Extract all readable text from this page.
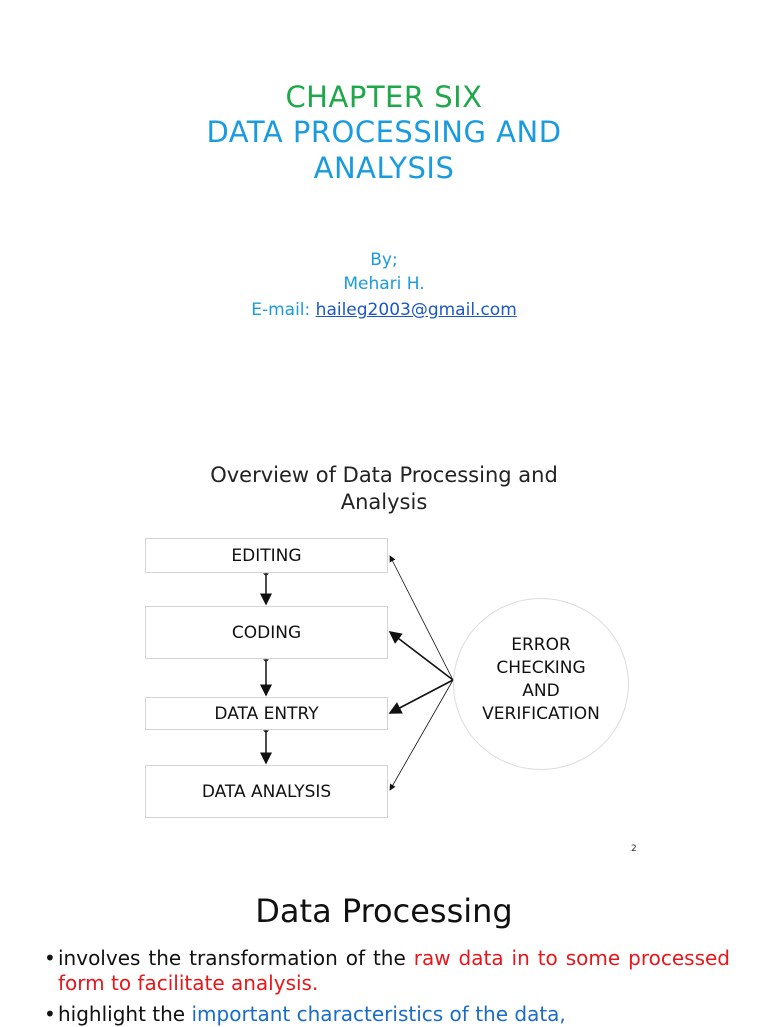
CHAPTER SIX

DATA PROCESSING AND
ANALYSIS

By;

Mehari H.

E-mail: haileg2003@gmail.com

Overview of Data Processing and
Analysis
EDITING
CODING
DATA ENTRY
DATA ANALYSIS
ERROR
CHECKING
AND
VERIFICATION
2

Data Processing

• involves the transformation of the raw data in to some processed form to facilitate analysis.
• highlight the important characteristics of the data,
